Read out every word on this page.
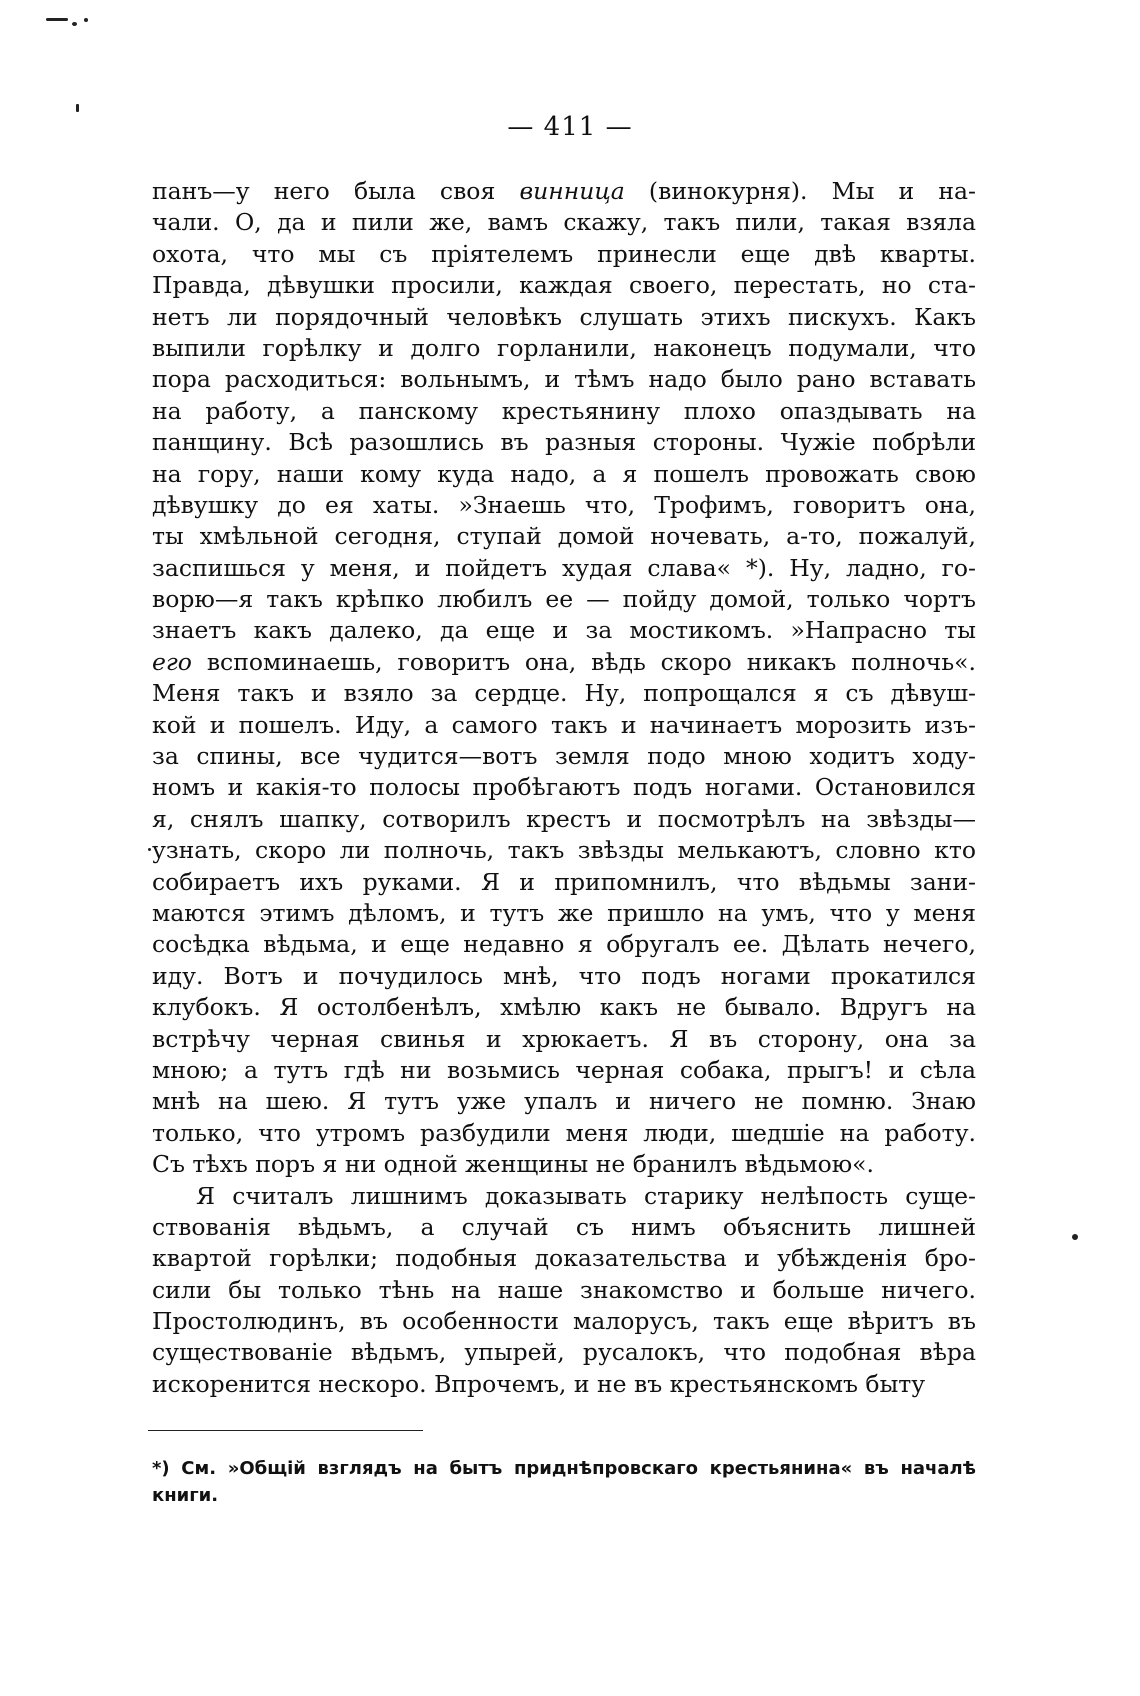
— 411 —
панъ—у него была своя винница (винокурня). Мы и на-
чали. О, да и пили же, вамъ скажу, такъ пили, такая взяла
охота, что мы съ пріятелемъ принесли еще двѣ кварты.
Правда, дѣвушки просили, каждая своего, перестать, но ста-
нетъ ли порядочный человѣкъ слушать этихъ пискухъ. Какъ
выпили горѣлку и долго горланили, наконецъ подумали, что
пора расходиться: вольнымъ, и тѣмъ надо было рано вставать
на работу, а панскому крестьянину плохо опаздывать на
панщину. Всѣ разошлись въ разныя стороны. Чужіе побрѣли
на гору, наши кому куда надо, а я пошелъ провожать свою
дѣвушку до ея хаты. »Знаешь что, Трофимъ, говоритъ она,
ты хмѣльной сегодня, ступай домой ночевать, а-то, пожалуй,
заспишься у меня, и пойдетъ худая слава« *). Ну, ладно, го-
ворю—я такъ крѣпко любилъ ее — пойду домой, только чортъ
знаетъ какъ далеко, да еще и за мостикомъ. »Напрасно ты
его вспоминаешь, говоритъ она, вѣдь скоро никакъ полночь«.
Меня такъ и взяло за сердце. Ну, попрощался я съ дѣвуш-
кой и пошелъ. Иду, а самого такъ и начинаетъ морозить изъ-
за спины, все чудится—вотъ земля подо мною ходитъ ходу-
номъ и какія-то полосы пробѣгаютъ подъ ногами. Остановился
я, снялъ шапку, сотворилъ крестъ и посмотрѣлъ на звѣзды—
узнать, скоро ли полночь, такъ звѣзды мелькаютъ, словно кто
собираетъ ихъ руками. Я и припомнилъ, что вѣдьмы зани-
маются этимъ дѣломъ, и тутъ же пришло на умъ, что у меня
сосѣдка вѣдьма, и еще недавно я обругалъ ее. Дѣлать нечего,
иду. Вотъ и почудилось мнѣ, что подъ ногами прокатился
клубокъ. Я остолбенѣлъ, хмѣлю какъ не бывало. Вдругъ на
встрѣчу черная свинья и хрюкаетъ. Я въ сторону, она за
мною; а тутъ гдѣ ни возьмись черная собака, прыгъ! и сѣла
мнѣ на шею. Я тутъ уже упалъ и ничего не помню. Знаю
только, что утромъ разбудили меня люди, шедшіе на работу.
Съ тѣхъ поръ я ни одной женщины не бранилъ вѣдьмою«.
Я считалъ лишнимъ доказывать старику нелѣпость суще-
ствованія вѣдьмъ, а случай съ нимъ объяснить лишней
квартой горѣлки; подобныя доказательства и убѣжденія бро-
сили бы только тѣнь на наше знакомство и больше ничего.
Простолюдинъ, въ особенности малорусъ, такъ еще вѣритъ въ
существованіе вѣдьмъ, упырей, русалокъ, что подобная вѣра
искоренится нескоро. Впрочемъ, и не въ крестьянскомъ быту
*) См. »Общій взглядъ на бытъ приднѣпровскаго крестьянина« въ началѣ
книги.
